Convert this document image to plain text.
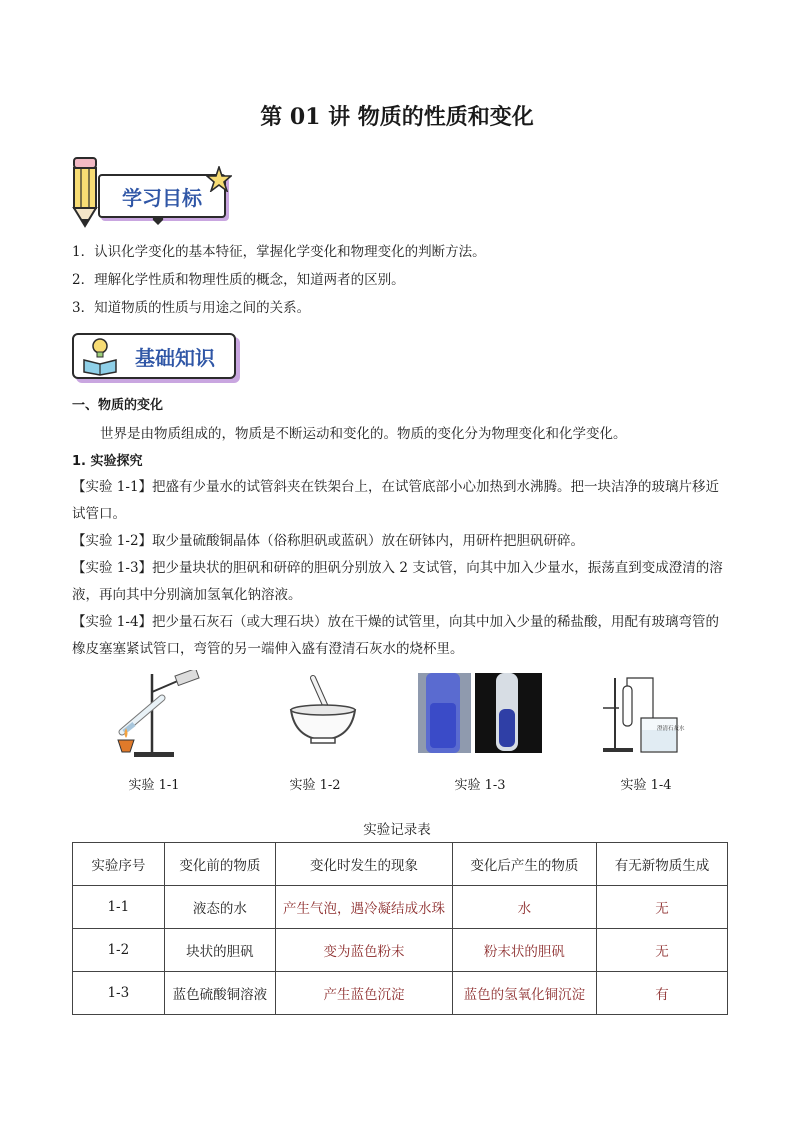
第 01 讲 物质的性质和变化
学习目标
1．认识化学变化的基本特征，掌握化学变化和物理变化的判断方法。
2．理解化学性质和物理性质的概念，知道两者的区别。
3．知道物质的性质与用途之间的关系。
基础知识
一、物质的变化
世界是由物质组成的，物质是不断运动和变化的。物质的变化分为物理变化和化学变化。
1. 实验探究
【实验 1-1】把盛有少量水的试管斜夹在铁架台上，在试管底部小心加热到水沸腾。把一块洁净的玻璃片移近试管口。
【实验 1-2】取少量硫酸铜晶体（俗称胆矾或蓝矾）放在研钵内，用研杵把胆矾研碎。
【实验 1-3】把少量块状的胆矾和研碎的胆矾分别放入 2 支试管，向其中加入少量水，振荡直到变成澄清的溶液，再向其中分别滴加氢氧化钠溶液。
【实验 1-4】把少量石灰石（或大理石块）放在干燥的试管里，向其中加入少量的稀盐酸，用配有玻璃弯管的橡皮塞塞紧试管口，弯管的另一端伸入盛有澄清石灰水的烧杯里。
澄清石灰水
实验 1-1	实验 1-2	实验 1-3	实验 1-4
实验记录表
实验序号	变化前的物质	变化时发生的现象	变化后产生的物质	有无新物质生成
1-1	液态的水	产生气泡，遇冷凝结成水珠	水	无
1-2	块状的胆矾	变为蓝色粉末	粉末状的胆矾	无
1-3	蓝色硫酸铜溶液	产生蓝色沉淀	蓝色的氢氧化铜沉淀	有
